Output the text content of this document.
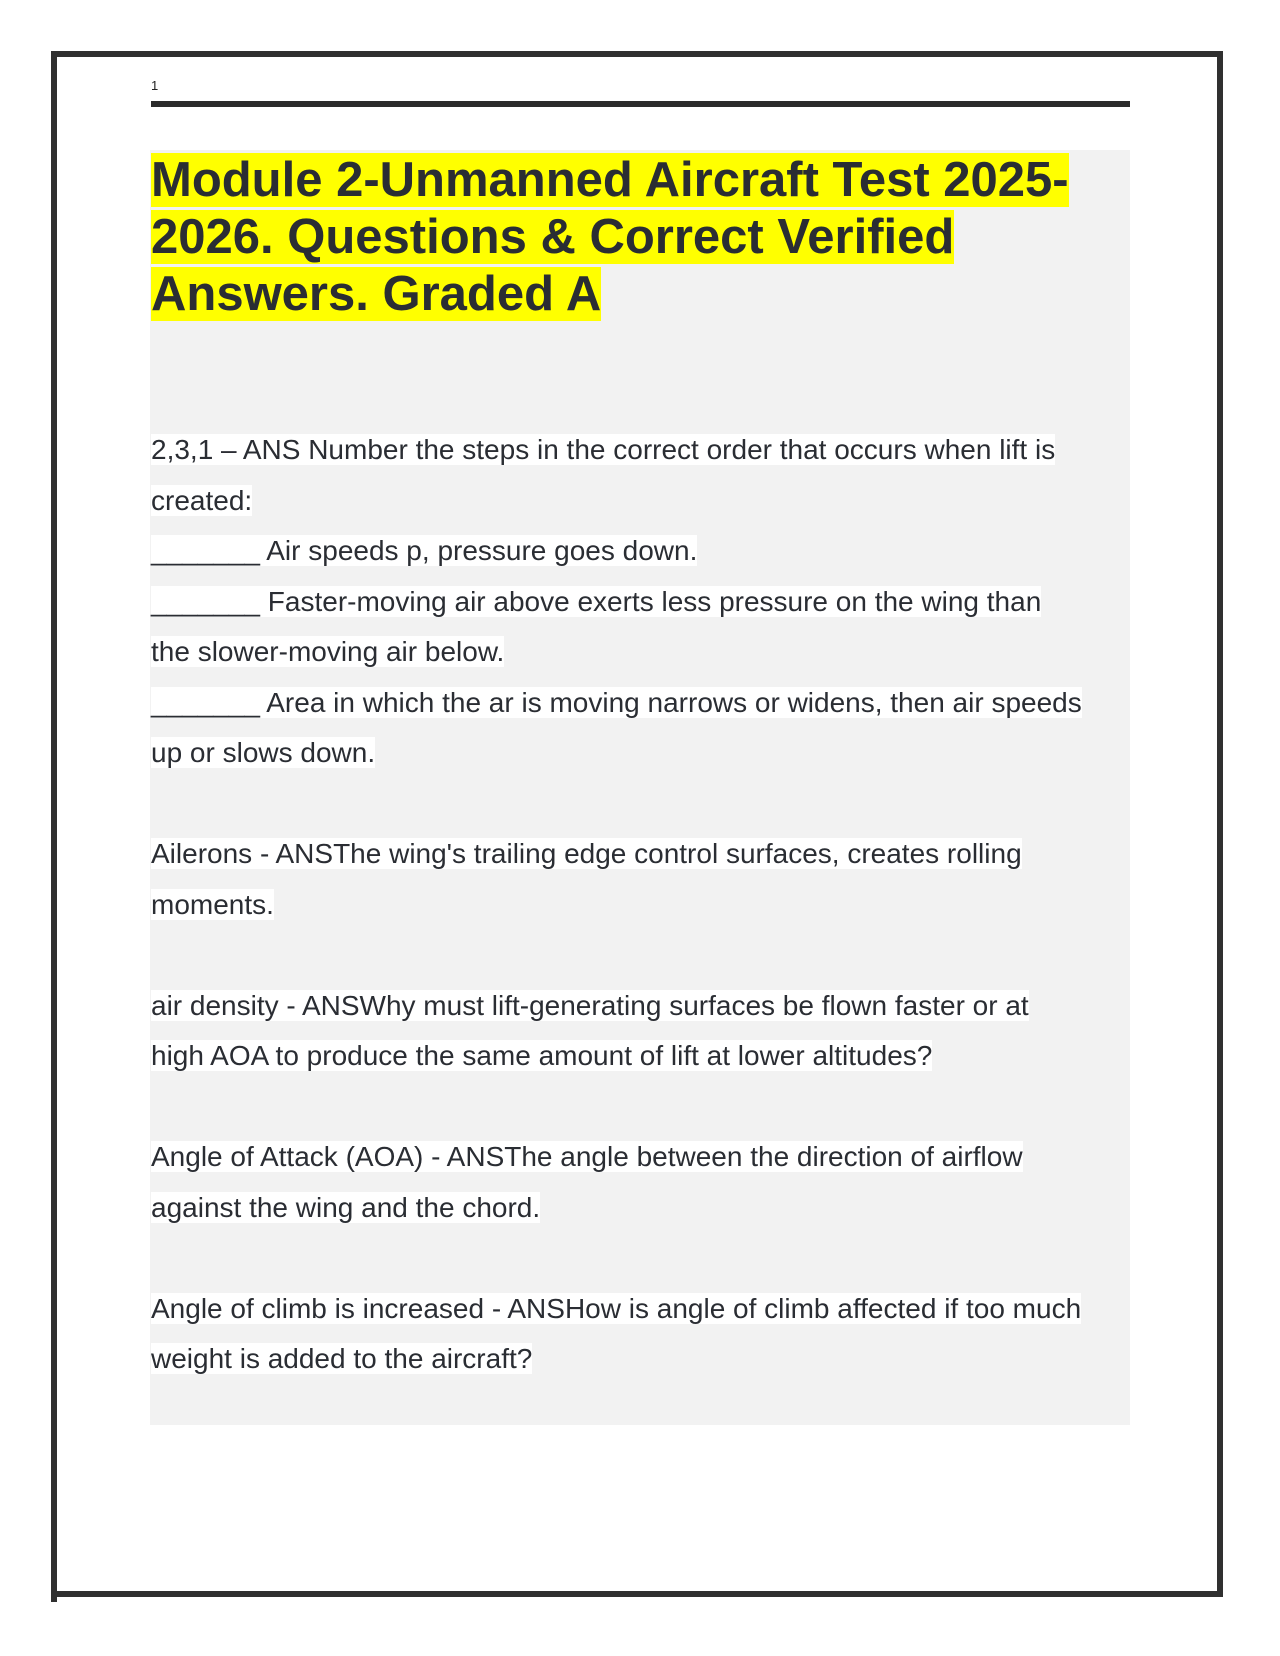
1
Module 2-Unmanned Aircraft Test 2025-
2026. Questions & Correct Verified
Answers. Graded A
2,3,1 – ANS Number the steps in the correct order that occurs when lift is
created:
_______ Air speeds p, pressure goes down.
_______ Faster-moving air above exerts less pressure on the wing than
the slower-moving air below.
_______ Area in which the ar is moving narrows or widens, then air speeds
up or slows down.
Ailerons - ANSThe wing's trailing edge control surfaces, creates rolling
moments.
air density - ANSWhy must lift-generating surfaces be flown faster or at
high AOA to produce the same amount of lift at lower altitudes?
Angle of Attack (AOA) - ANSThe angle between the direction of airflow
against the wing and the chord.
Angle of climb is increased - ANSHow is angle of climb affected if too much
weight is added to the aircraft?
